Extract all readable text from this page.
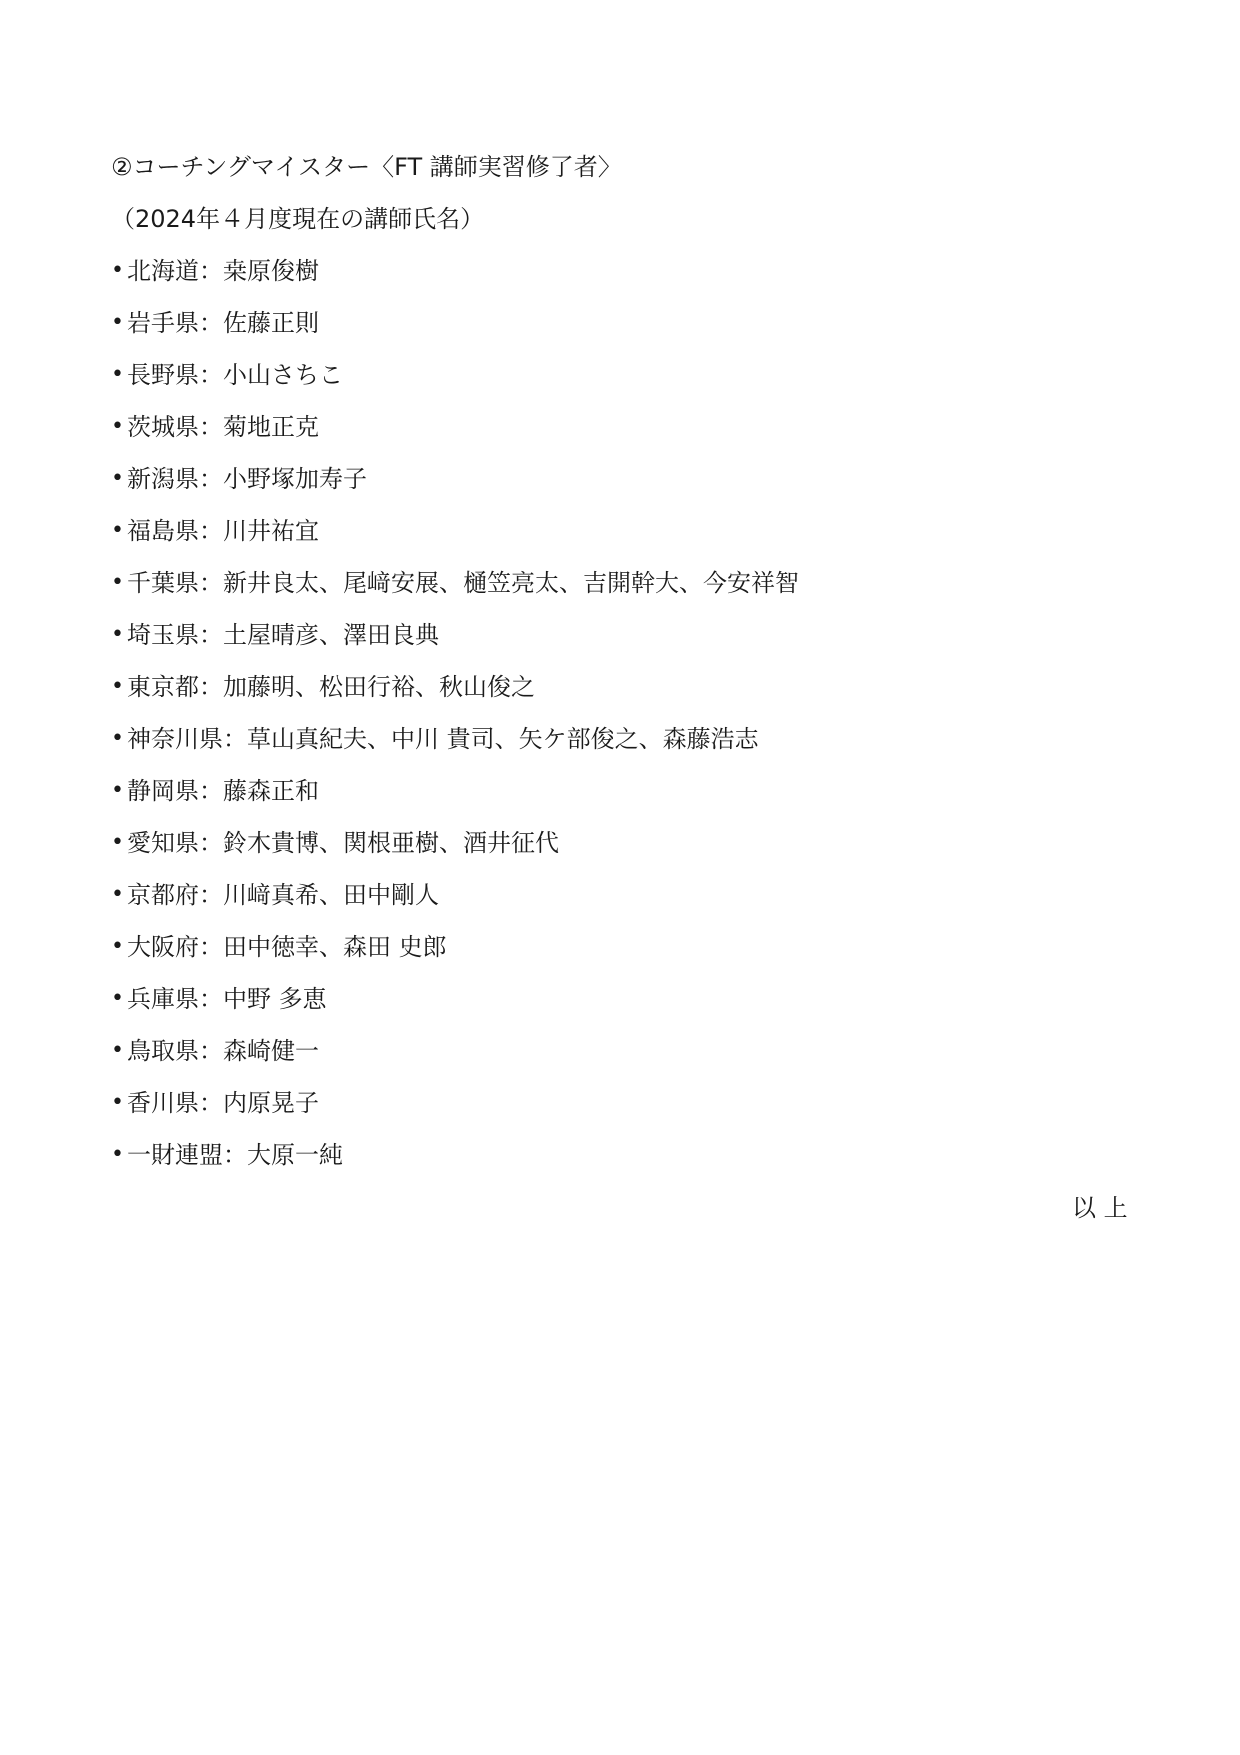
②コーチングマイスター〈FT 講師実習修了者〉
（2024年４月度現在の講師氏名）
• 北海道 ： 桒原俊樹
• 岩手県 ： 佐藤正則
• 長野県 ： 小山さちこ
• 茨城県 ： 菊地正克
• 新潟県 ： 小野塚加寿子
• 福島県 ： 川井祐宜
• 千葉県 ： 新井良太、尾﨑安展、樋笠亮太、吉開幹大、今安祥智
• 埼玉県 ： 土屋晴彦、澤田良典
• 東京都 ： 加藤明、松田行裕、秋山俊之
• 神奈川県 ： 草山真紀夫、中川 貴司、矢ケ部俊之、森藤浩志
• 静岡県 ： 藤森正和
• 愛知県 ： 鈴木貴博、関根亜樹、酒井征代
• 京都府 ： 川﨑真希、田中剛人
• 大阪府 ： 田中徳幸、森田 史郎
• 兵庫県 ： 中野 多恵
• 鳥取県 ： 森崎健一
• 香川県 ： 内原晃子
• 一財連盟 ： 大原一純
以 上
